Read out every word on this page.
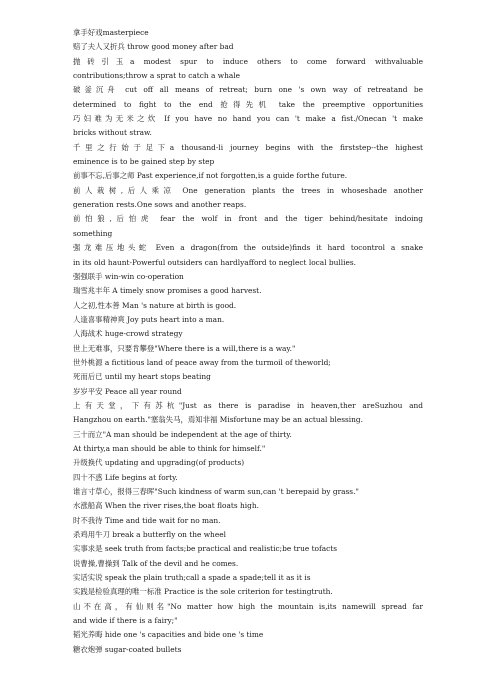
拿手好戏masterpiece
赔了夫人又折兵 throw good money after bad
抛砖引玉a modest spur to induce others to come forward withvaluable
contributions;throw a sprat to catch a whale
破釜沉舟 cut off all means of retreat; burn one 's own way of retreatand be
determined to fight to the end 抢得先机 take the preemptive opportunities
巧妇难为无米之炊 If you have no hand you can 't make a fist./Onecan 't make
bricks without straw.
千里之行始于足下a thousand-li journey begins with the firststep--the highest
eminence is to be gained step by step
前事不忘,后事之师 Past experience,if not forgotten,is a guide forthe future.
前人栽树,后人乘凉 One generation plants the trees in whoseshade another
generation rests.One sows and another reaps.
前怕狼,后怕虎 fear the wolf in front and the tiger behind/hesitate indoing
something
强龙难压地头蛇 Even a dragon(from the outside)finds it hard tocontrol a snake
in its old haunt-Powerful outsiders can hardlyafford to neglect local bullies.
强强联手 win-win co-operation
瑞雪兆丰年 A timely snow promises a good harvest.
人之初,性本善 Man 's nature at birth is good.
人逢喜事精神爽 Joy puts heart into a man.
人海战术 huge-crowd strategy
世上无难事，只要肯攀登"Where there is a will,there is a way."
世外桃源 a fictitious land of peace away from the turmoil of theworld;
死而后已 until my heart stops beating
岁岁平安 Peace all year round
上有天堂，下有苏杭"Just as there is paradise in heaven,ther areSuzhou and
Hangzhou on earth."塞翁失马，焉知非福 Misfortune may be an actual blessing.
三十而立"A man should be independent at the age of thirty.
At thirty,a man should be able to think for himself."
升级换代 updating and upgrading(of products)
四十不惑 Life begins at forty.
谁言寸草心，报得三春晖"Such kindness of warm sun,can 't berepaid by grass."
水涨船高 When the river rises,the boat floats high.
时不我待 Time and tide wait for no man.
杀鸡用牛刀 break a butterfly on the wheel
实事求是 seek truth from facts;be practical and realistic;be true tofacts
说曹操,曹操到 Talk of the devil and he comes.
实话实说 speak the plain truth;call a spade a spade;tell it as it is
实践是检验真理的唯一标准 Practice is the sole criterion for testingtruth.
山不在高，有仙则名"No matter how high the mountain is,its namewill spread far
and wide if there is a fairy;"
韬光养晦 hide one 's capacities and bide one 's time
糖衣炮弹 sugar-coated bullets
